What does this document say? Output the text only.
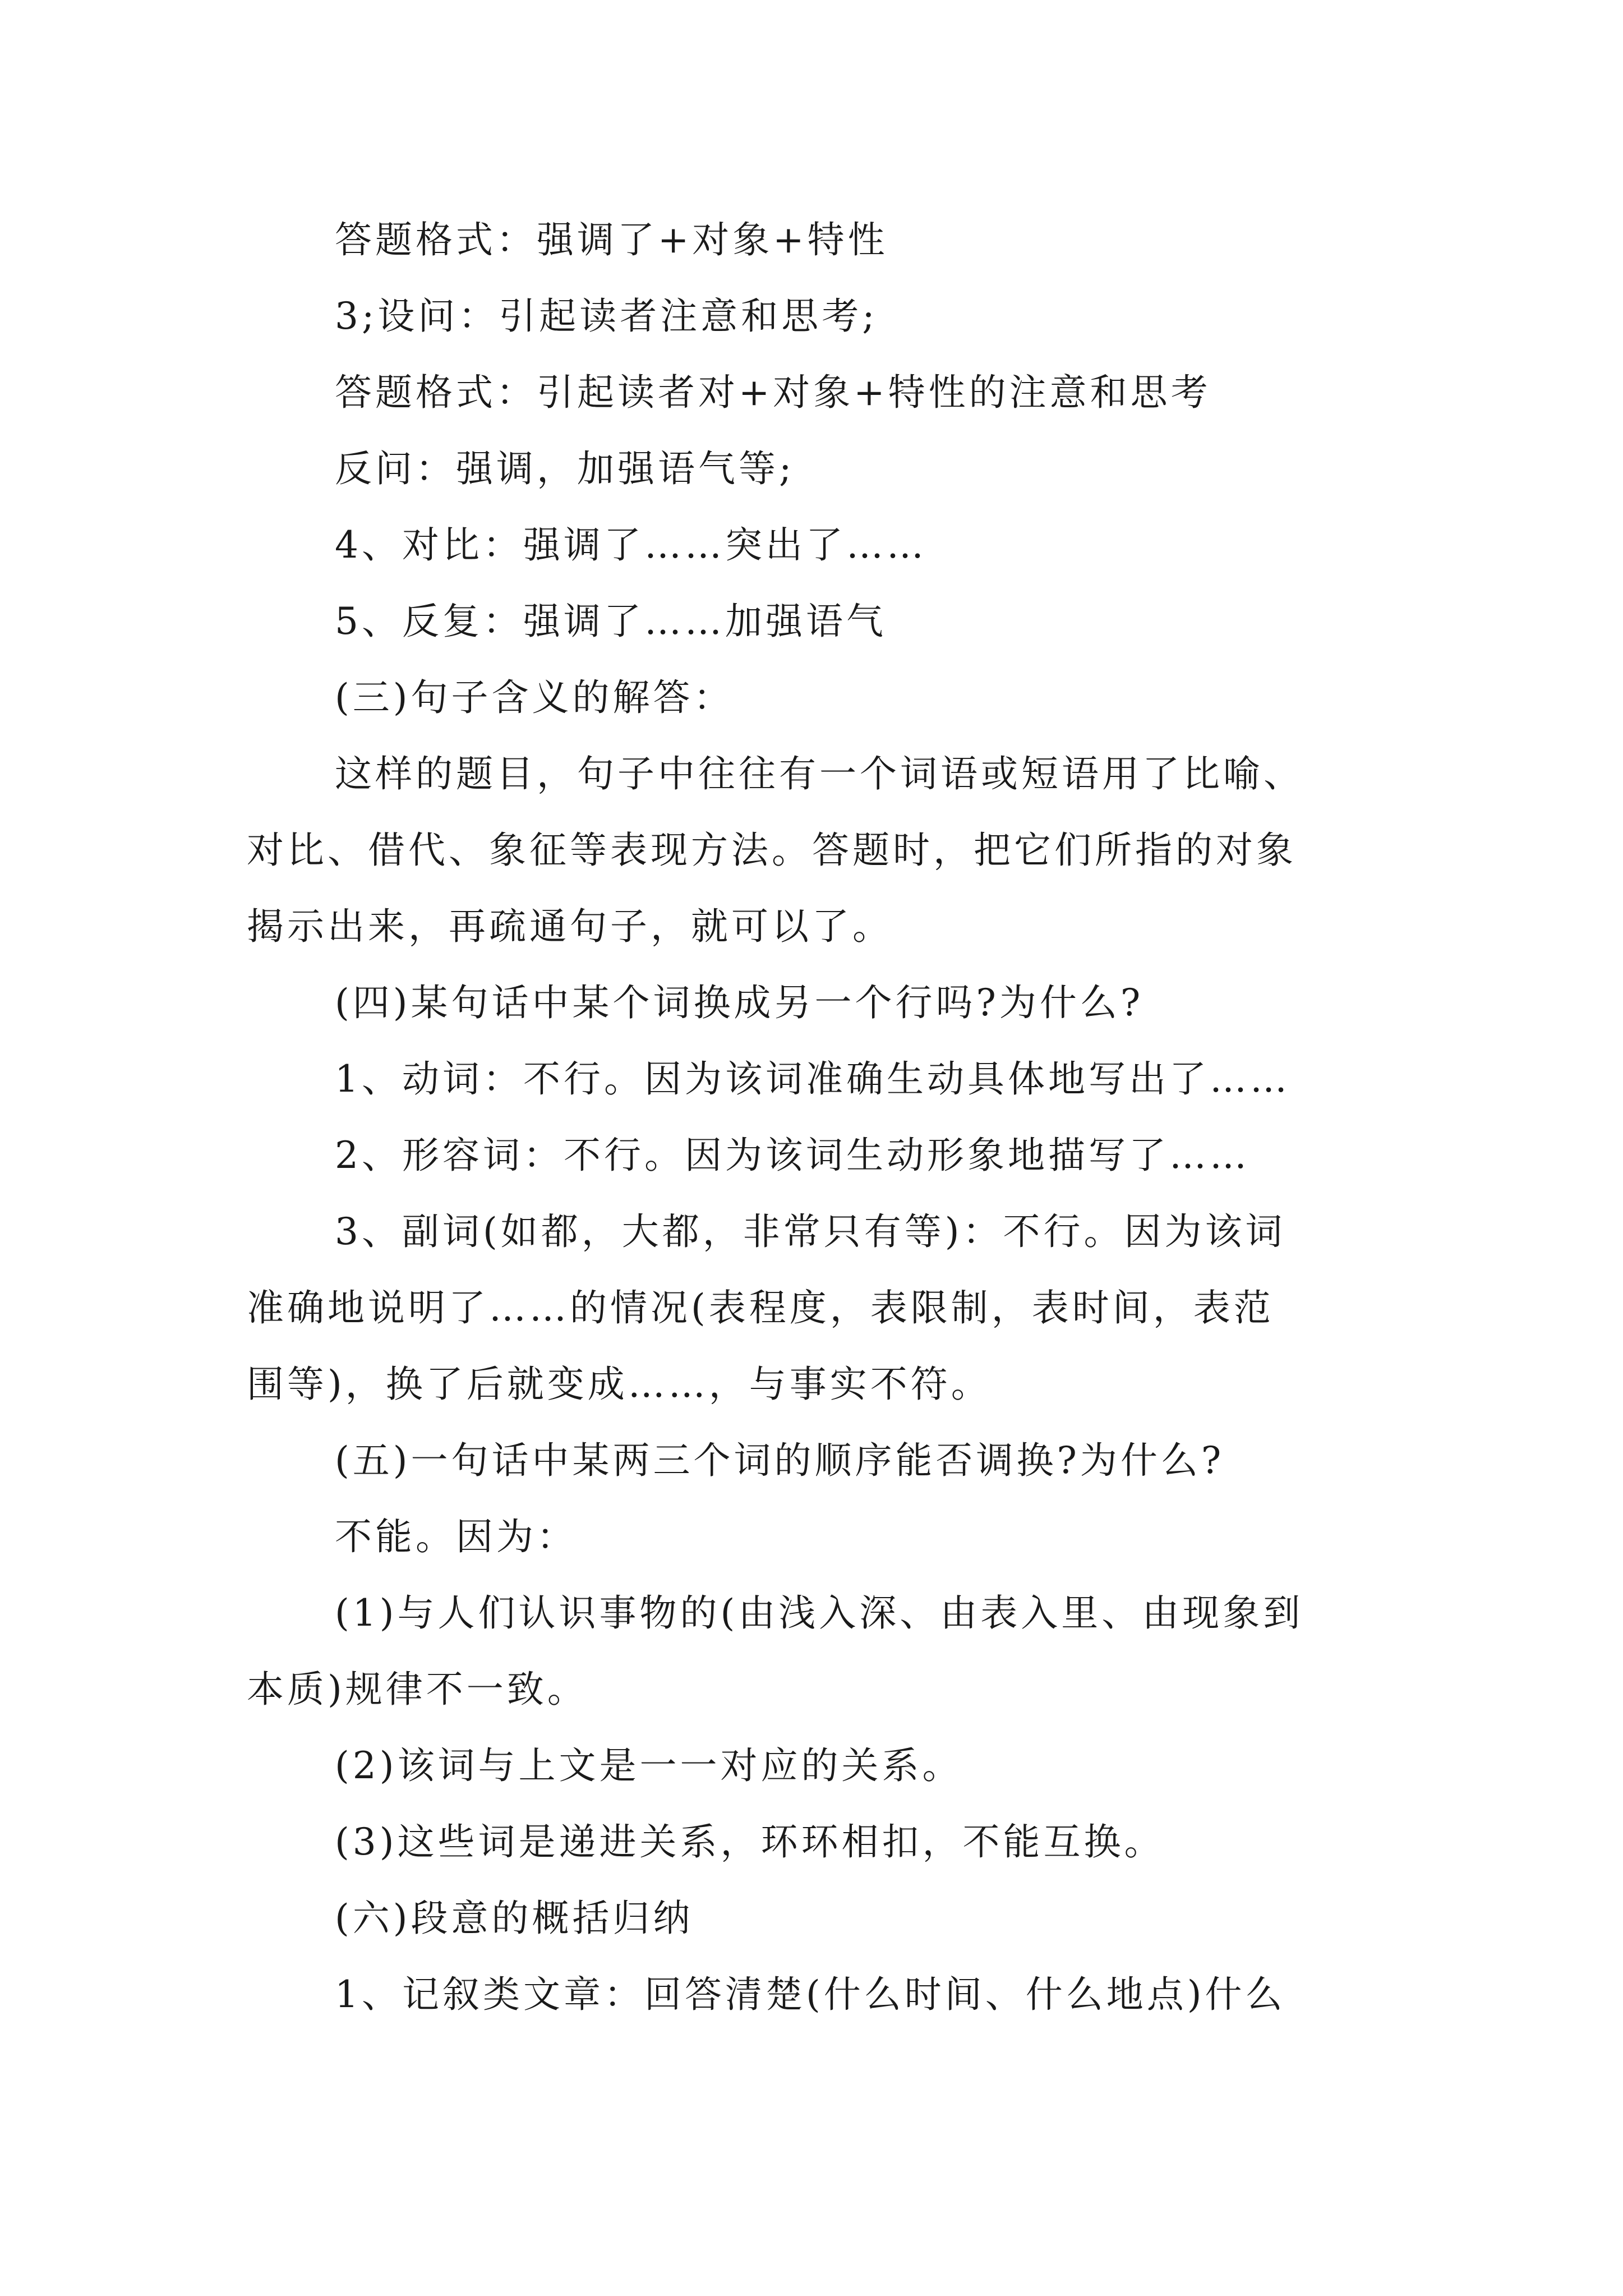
答题格式：强调了+对象+特性
3;设问：引起读者注意和思考;
答题格式：引起读者对+对象+特性的注意和思考
反问：强调，加强语气等;
4、对比：强调了……突出了……
5、反复：强调了……加强语气
(三)句子含义的解答：
这样的题目，句子中往往有一个词语或短语用了比喻、
对比、借代、象征等表现方法。答题时，把它们所指的对象
揭示出来，再疏通句子，就可以了。
(四)某句话中某个词换成另一个行吗?为什么?
1、动词：不行。因为该词准确生动具体地写出了……
2、形容词：不行。因为该词生动形象地描写了……
3、副词(如都，大都，非常只有等)：不行。因为该词
准确地说明了……的情况(表程度，表限制，表时间，表范
围等)，换了后就变成……，与事实不符。
(五)一句话中某两三个词的顺序能否调换?为什么?
不能。因为：
(1)与人们认识事物的(由浅入深、由表入里、由现象到
本质)规律不一致。
(2)该词与上文是一一对应的关系。
(3)这些词是递进关系，环环相扣，不能互换。
(六)段意的概括归纳
1、记叙类文章：回答清楚(什么时间、什么地点)什么
